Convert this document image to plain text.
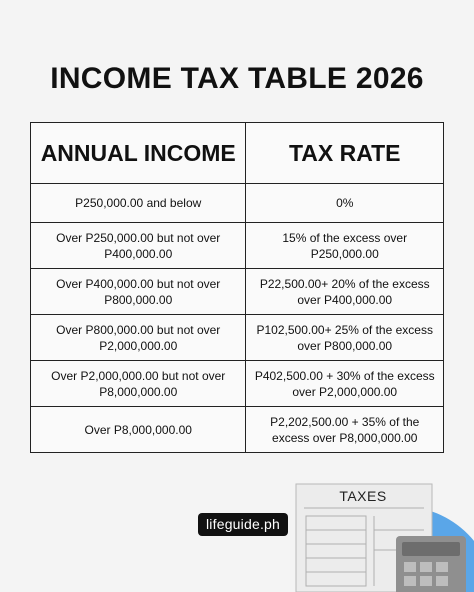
INCOME TAX TABLE 2026
ANNUAL INCOME	TAX RATE
P250,000.00 and below	0%
Over P250,000.00 but not over P400,000.00	15% of the excess over P250,000.00
Over P400,000.00 but not over P800,000.00	P22,500.00+ 20% of the excess over P400,000.00
Over P800,000.00 but not over P2,000,000.00	P102,500.00+ 25% of the excess over P800,000.00
Over P2,000,000.00 but not over P8,000,000.00	P402,500.00 + 30% of the excess over P2,000,000.00
Over P8,000,000.00	P2,202,500.00 + 35% of the excess over P8,000,000.00
lifeguide.ph
TAXES
